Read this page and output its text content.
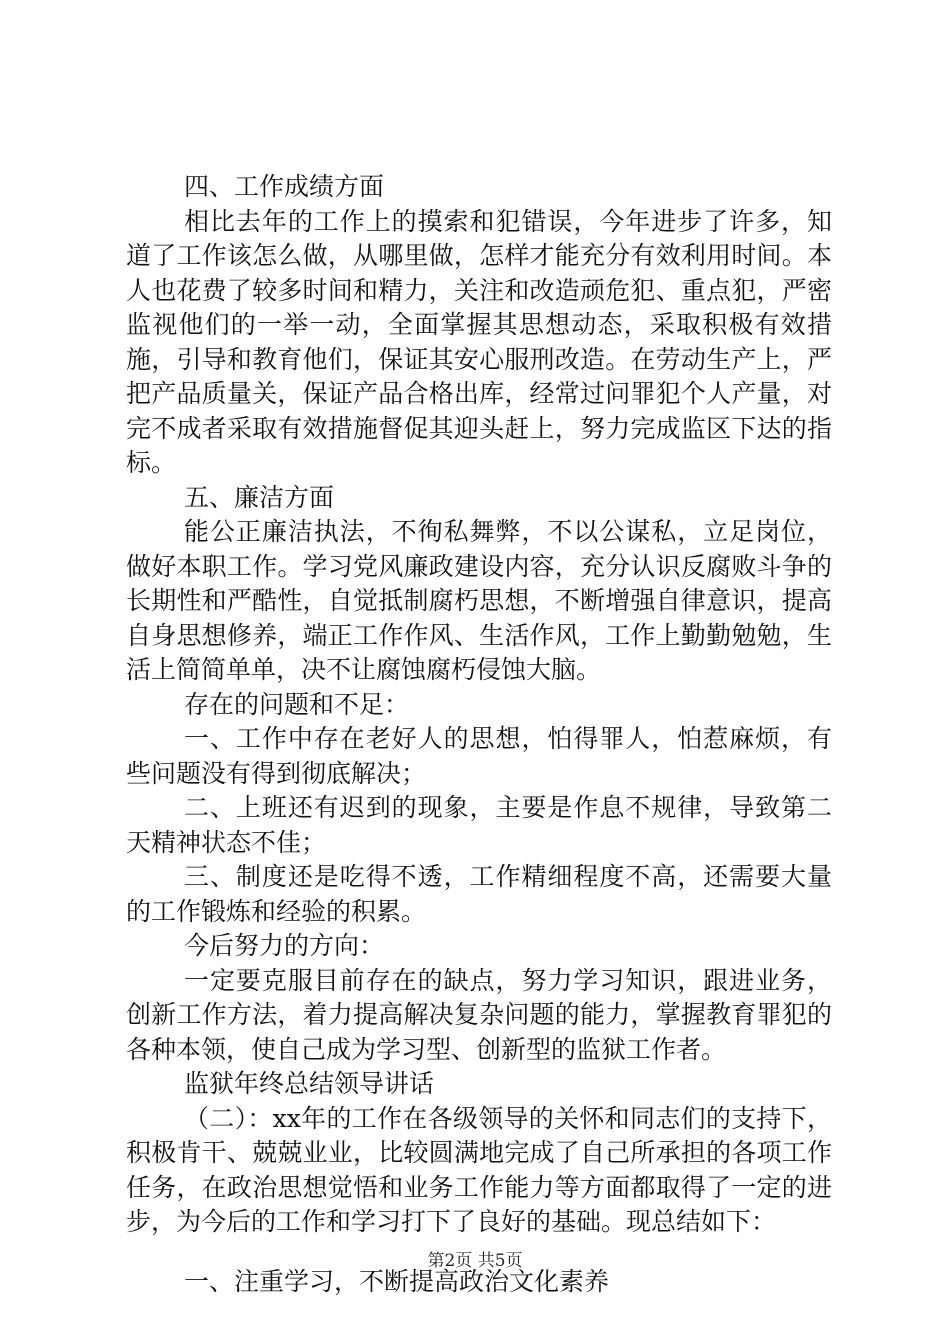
四、工作成绩方面

相比去年的工作上的摸索和犯错误，今年进步了许多，知道了工作该怎么做，从哪里做，怎样才能充分有效利用时间。本人也花费了较多时间和精力，关注和改造顽危犯、重点犯，严密监视他们的一举一动，全面掌握其思想动态，采取积极有效措施，引导和教育他们，保证其安心服刑改造。在劳动生产上，严把产品质量关，保证产品合格出库，经常过问罪犯个人产量，对完不成者采取有效措施督促其迎头赶上，努力完成监区下达的指标。

五、廉洁方面

能公正廉洁执法，不徇私舞弊，不以公谋私，立足岗位，做好本职工作。学习党风廉政建设内容，充分认识反腐败斗争的长期性和严酷性，自觉抵制腐朽思想，不断增强自律意识，提高自身思想修养，端正工作作风、生活作风，工作上勤勤勉勉，生活上简简单单，决不让腐蚀腐朽侵蚀大脑。

存在的问题和不足：

一、工作中存在老好人的思想，怕得罪人，怕惹麻烦，有些问题没有得到彻底解决；

二、上班还有迟到的现象，主要是作息不规律，导致第二天精神状态不佳；

三、制度还是吃得不透，工作精细程度不高，还需要大量的工作锻炼和经验的积累。

今后努力的方向：

一定要克服目前存在的缺点，努力学习知识，跟进业务，创新工作方法，着力提高解决复杂问题的能力，掌握教育罪犯的各种本领，使自己成为学习型、创新型的监狱工作者。

监狱年终总结领导讲话

（二）：xx年的工作在各级领导的关怀和同志们的支持下，积极肯干、兢兢业业，比较圆满地完成了自己所承担的各项工作任务，在政治思想觉悟和业务工作能力等方面都取得了一定的进步，为今后的工作和学习打下了良好的基础。现总结如下：

一、注重学习，不断提高政治文化素养

第2页 共5页
